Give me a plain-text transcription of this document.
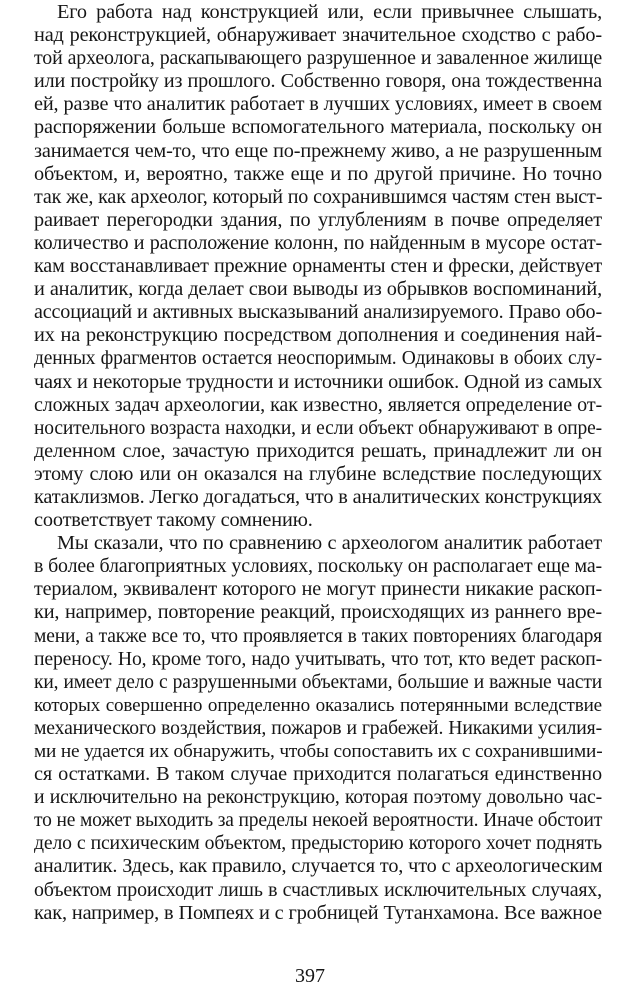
Его работа над конструкцией или, если привычнее слышать,
над реконструкцией, обнаруживает значительное сходство с рабо-
той археолога, раскапывающего разрушенное и заваленное жилище
или постройку из прошлого. Собственно говоря, она тождественна
ей, разве что аналитик работает в лучших условиях, имеет в своем
распоряжении больше вспомогательного материала, поскольку он
занимается чем-то, что еще по-прежнему живо, а не разрушенным
объектом, и, вероятно, также еще и по другой причине. Но точно
так же, как археолог, который по сохранившимся частям стен выст-
раивает перегородки здания, по углублениям в почве определяет
количество и расположение колонн, по найденным в мусоре остат-
кам восстанавливает прежние орнаменты стен и фрески, действует
и аналитик, когда делает свои выводы из обрывков воспоминаний,
ассоциаций и активных высказываний анализируемого. Право обо-
их на реконструкцию посредством дополнения и соединения най-
денных фрагментов остается неоспоримым. Одинаковы в обоих слу-
чаях и некоторые трудности и источники ошибок. Одной из самых
сложных задач археологии, как известно, является определение от-
носительного возраста находки, и если объект обнаруживают в опре-
деленном слое, зачастую приходится решать, принадлежит ли он
этому слою или он оказался на глубине вследствие последующих
катаклизмов. Легко догадаться, что в аналитических конструкциях
соответствует такому сомнению.
Мы сказали, что по сравнению с археологом аналитик работает
в более благоприятных условиях, поскольку он располагает еще ма-
териалом, эквивалент которого не могут принести никакие раскоп-
ки, например, повторение реакций, происходящих из раннего вре-
мени, а также все то, что проявляется в таких повторениях благодаря
переносу. Но, кроме того, надо учитывать, что тот, кто ведет раскоп-
ки, имеет дело с разрушенными объектами, большие и важные части
которых совершенно определенно оказались потерянными вследствие
механического воздействия, пожаров и грабежей. Никакими усилия-
ми не удается их обнаружить, чтобы сопоставить их с сохранившими-
ся остатками. В таком случае приходится полагаться единственно
и исключительно на реконструкцию, которая поэтому довольно час-
то не может выходить за пределы некоей вероятности. Иначе обстоит
дело с психическим объектом, предысторию которого хочет поднять
аналитик. Здесь, как правило, случается то, что с археологическим
объектом происходит лишь в счастливых исключительных случаях,
как, например, в Помпеях и с гробницей Тутанхамона. Все важное
397
